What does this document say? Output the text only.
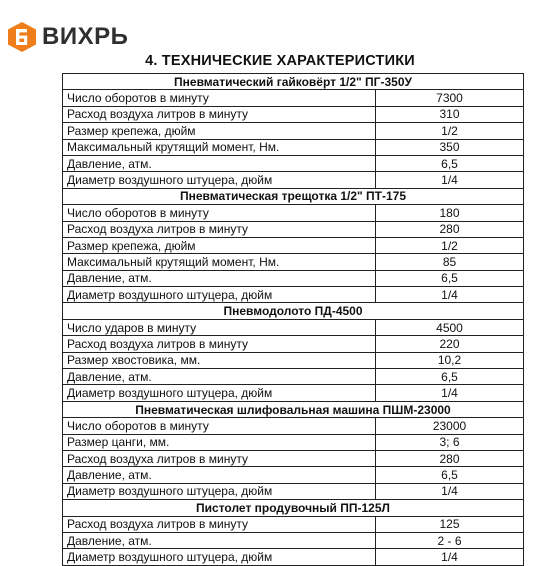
ВИХРЬ
4. ТЕХНИЧЕСКИЕ ХАРАКТЕРИСТИКИ
Пневматический гайковёрт 1/2" ПГ-350У	
Число оборотов в минуту	7300
Расход воздуха литров в минуту	310
Размер крепежа, дюйм	1/2
Максимальный крутящий момент, Нм.	350
Давление, атм.	6,5
Диаметр воздушного штуцера, дюйм	1/4
Пневматическая трещотка 1/2" ПТ-175	
Число оборотов в минуту	180
Расход воздуха литров в минуту	280
Размер крепежа, дюйм	1/2
Максимальный крутящий момент, Нм.	85
Давление, атм.	6,5
Диаметр воздушного штуцера, дюйм	1/4
Пневмодолото ПД-4500	
Число ударов в минуту	4500
Расход воздуха литров в минуту	220
Размер хвостовика, мм.	10,2
Давление, атм.	6,5
Диаметр воздушного штуцера, дюйм	1/4
Пневматическая шлифовальная машина ПШМ-23000	
Число оборотов в минуту	23000
Размер цанги, мм.	3; 6
Расход воздуха литров в минуту	280
Давление, атм.	6,5
Диаметр воздушного штуцера, дюйм	1/4
Пистолет продувочный ПП-125Л	
Расход воздуха литров в минуту	125
Давление, атм.	2 - 6
Диаметр воздушного штуцера, дюйм	1/4
